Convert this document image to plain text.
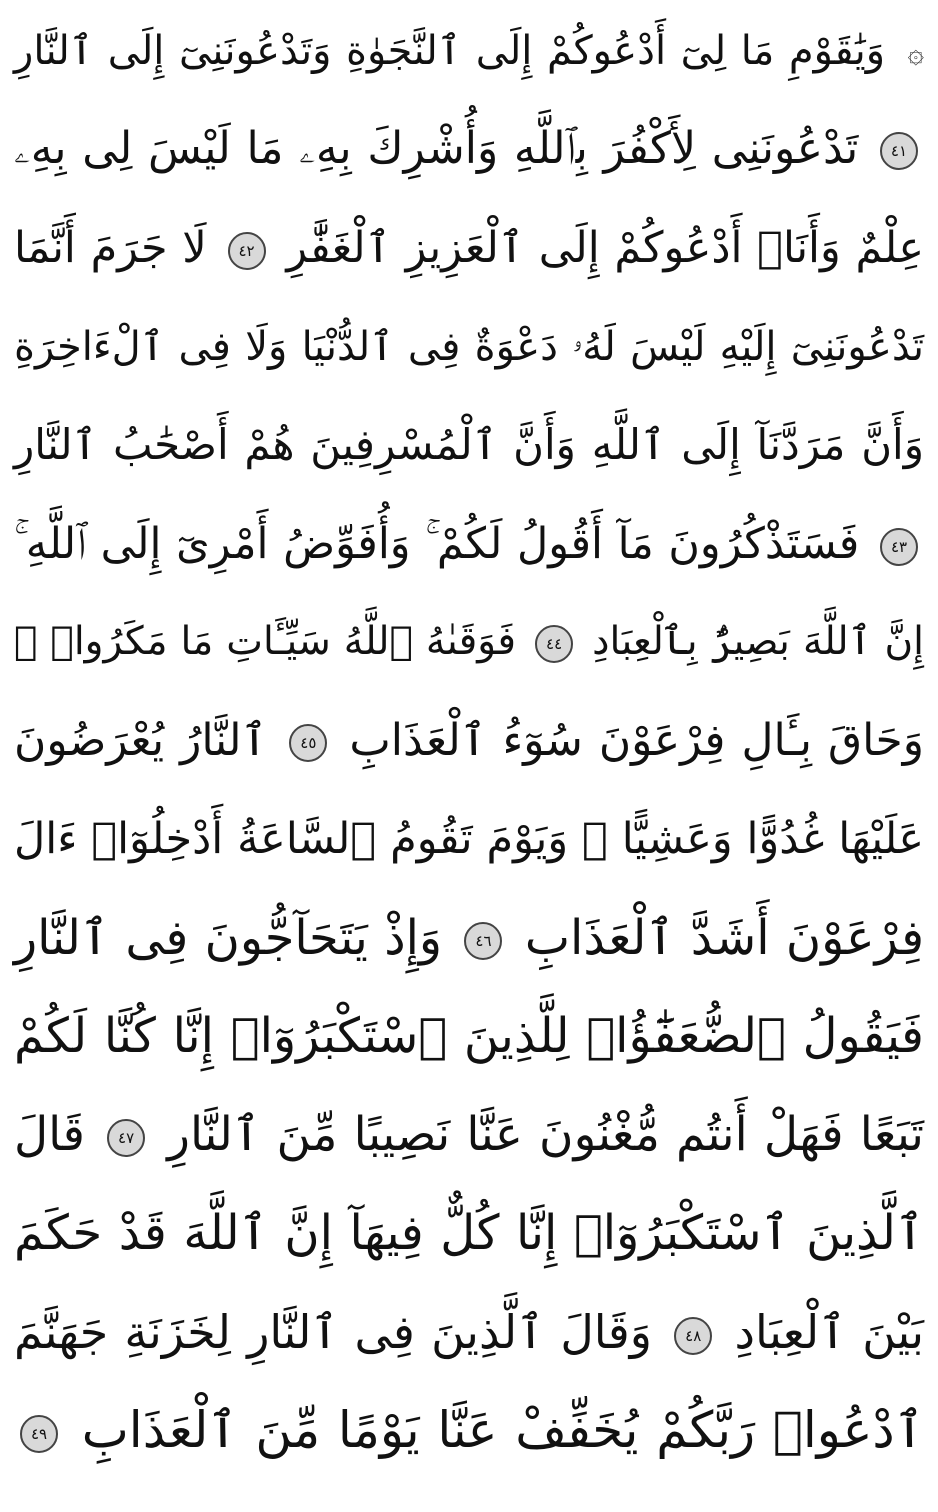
۞ وَيَٰقَوْمِ مَا لِىٓ أَدْعُوكُمْ إِلَى ٱلنَّجَوٰةِ وَتَدْعُونَنِىٓ إِلَى ٱلنَّارِ
٤١ تَدْعُونَنِى لِأَكْفُرَ بِٱللَّهِ وَأُشْرِكَ بِهِۦ مَا لَيْسَ لِى بِهِۦ
عِلْمٌ وَأَنَا۠ أَدْعُوكُمْ إِلَى ٱلْعَزِيزِ ٱلْغَفَّٰرِ ٤٢ لَا جَرَمَ أَنَّمَا
تَدْعُونَنِىٓ إِلَيْهِ لَيْسَ لَهُۥ دَعْوَةٌ فِى ٱلدُّنْيَا وَلَا فِى ٱلْءَاخِرَةِ
وَأَنَّ مَرَدَّنَآ إِلَى ٱللَّهِ وَأَنَّ ٱلْمُسْرِفِينَ هُمْ أَصْحَٰبُ ٱلنَّارِ
٤٣ فَسَتَذْكُرُونَ مَآ أَقُولُ لَكُمْ ۚ وَأُفَوِّضُ أَمْرِىٓ إِلَى ٱللَّهِ ۚ
إِنَّ ٱللَّهَ بَصِيرٌۢ بِٱلْعِبَادِ ٤٤ فَوَقَىٰهُ ٱللَّهُ سَيِّـَٔاتِ مَا مَكَرُوا۟ ۖ
وَحَاقَ بِـَٔالِ فِرْعَوْنَ سُوٓءُ ٱلْعَذَابِ ٤٥ ٱلنَّارُ يُعْرَضُونَ
عَلَيْهَا غُدُوًّا وَعَشِيًّا ۖ وَيَوْمَ تَقُومُ ٱلسَّاعَةُ أَدْخِلُوٓا۟ ءَالَ
فِرْعَوْنَ أَشَدَّ ٱلْعَذَابِ ٤٦ وَإِذْ يَتَحَآجُّونَ فِى ٱلنَّارِ
فَيَقُولُ ٱلضُّعَفَٰٓؤُا۟ لِلَّذِينَ ٱسْتَكْبَرُوٓا۟ إِنَّا كُنَّا لَكُمْ
تَبَعًا فَهَلْ أَنتُم مُّغْنُونَ عَنَّا نَصِيبًا مِّنَ ٱلنَّارِ ٤٧ قَالَ
ٱلَّذِينَ ٱسْتَكْبَرُوٓا۟ إِنَّا كُلٌّ فِيهَآ إِنَّ ٱللَّهَ قَدْ حَكَمَ
بَيْنَ ٱلْعِبَادِ ٤٨ وَقَالَ ٱلَّذِينَ فِى ٱلنَّارِ لِخَزَنَةِ جَهَنَّمَ
ٱدْعُوا۟ رَبَّكُمْ يُخَفِّفْ عَنَّا يَوْمًا مِّنَ ٱلْعَذَابِ ٤٩
